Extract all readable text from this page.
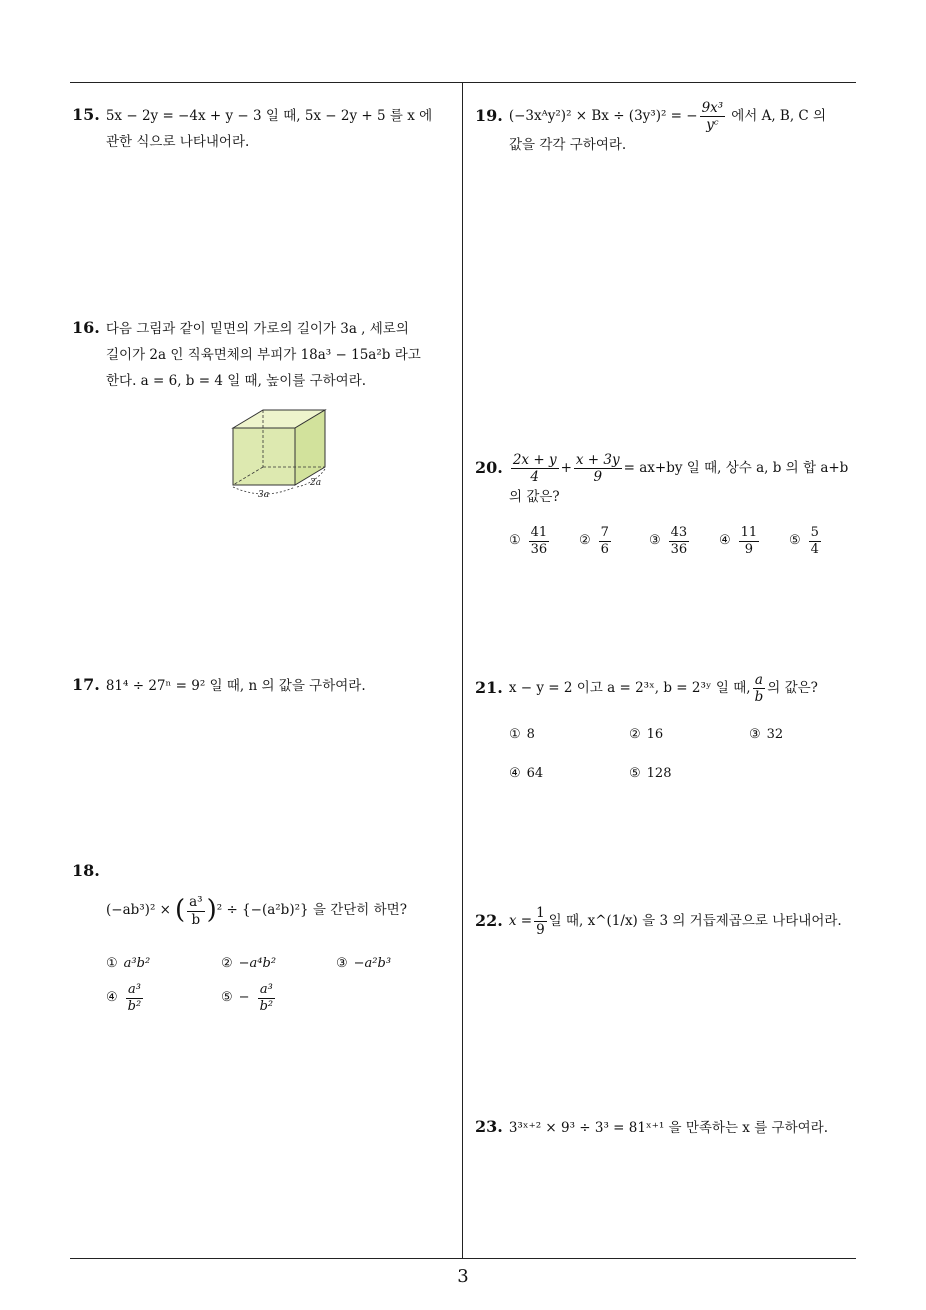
15. 5x − 2y = −4x + y − 3 일 때, 5x − 2y + 5 를 x 에
관한 식으로 나타내어라.
16. 다음 그림과 같이 밑면의 가로의 길이가 3a , 세로의
길이가 2a 인 직육면체의 부피가 18a³ − 15a²b 라고
한다. a = 6, b = 4 일 때, 높이를 구하여라.
3a
2a
17. 81⁴ ÷ 27ⁿ = 9² 일 때, n 의 값을 구하여라.
18.
(−ab³)² × ( $\frac{\text{a³}}{b}$ ) ² ÷ {−(a²b)²} 을 간단히 하면?
① a³b²	② −a⁴b²	③ −a²b³
④ $\frac{\text{a³}}{\text{b²}}$	⑤ − $\frac{\text{a³}}{\text{b²}}$
19. (−3xᴬy²)² × Bx ÷ (3y³)² = − $\frac{\text{9x³}}{\text{yᶜ}}$ 에서 A, B, C 의
값을 각각 구하여라.
20. $\frac{2x + y}{4} + \frac{x + 3y}{9} = ax+by$ 일 때, 상수 a, b 의 합 a+b
의 값은?
① $\frac{41}{36}$ ② $\frac{7}{6}$	③ $\frac{43}{36}$ ④ $\frac{11}{9}$ ⑤ $\frac{5}{4}$
21. x − y = 2 이고 a = 2³ˣ, b = 2³ʸ 일 때, $\frac{a}{b}$ 의 값은?
① 8	② 16	③ 32
④ 64	⑤ 128
22. $x = \frac{1}{9}$ 일 때, x^(1/x) 을 3 의 거듭제곱으로 나타내어라.
23. 3³ˣ⁺² × 9³ ÷ 3³ = 81ˣ⁺¹ 을 만족하는 x 를 구하여라.
3
